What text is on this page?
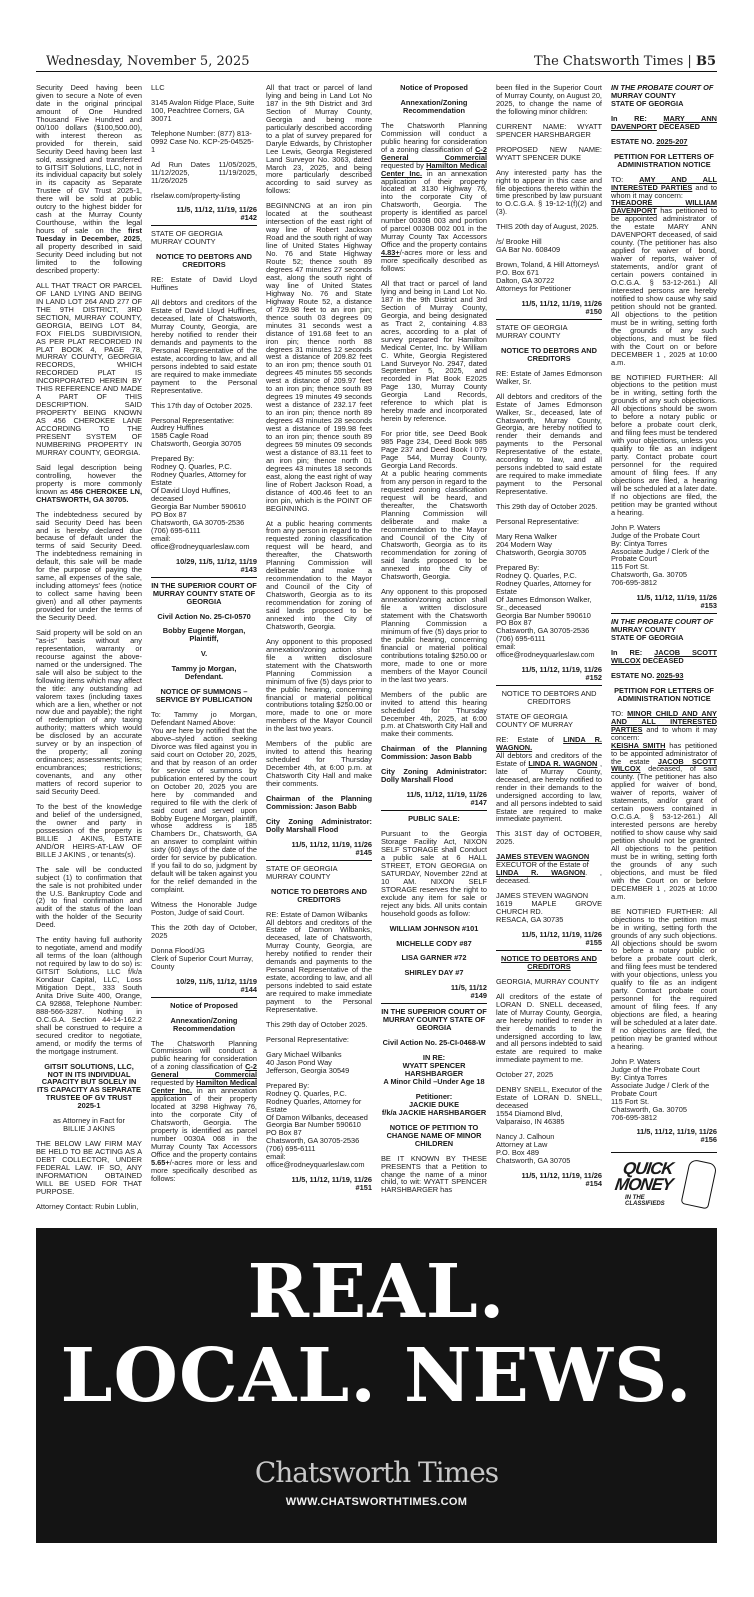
Wednesday, November 5, 2025	The Chatsworth Times | B5
Security Deed having been given to secure a Note of even date in the original principal amount of One Hundred Thousand Five Hundred and 00/100 dollars ($100,500.00), with interest thereon as provided for therein, said Security Deed having been last sold, assigned and transferred to GITSIT Solutions, LLC, not in its individual capacity but solely in its capacity as Separate Trustee of GV Trust 2025-1, there will be sold at public outcry to the highest bidder for cash at the Murray County Courthouse, within the legal hours of sale on the first Tuesday in December, 2025, all property described in said Security Deed including but not limited to the following described property:
ALL THAT TRACT OR PARCEL OF LAND LYING AND BEING IN LAND LOT 264 AND 277 OF THE 9TH DISTRICT, 3RD SECTION, MURRAY COUNTY, GEORGIA, BEING LOT 84, FOX FIELDS SUBDIVISION, AS PER PLAT RECORDED IN PLAT BOOK 4, PAGE 78, MURRAY COUNTY, GEORGIA RECORDS, WHICH RECORDED PLAT IS INCORPORATED HEREIN BY THIS REFERENCE AND MADE A PART OF THIS DESCRIPTION. SAID PROPERTY BEING KNOWN AS 456 CHEROKEE LANE ACCORDING TO THE PRESENT SYSTEM OF NUMBERING PROPERTY IN MURRAY COUNTY, GEORGIA.
Said legal description being controlling, however the property is more commonly known as 456 CHEROKEE LN, CHATSWORTH, GA 30705.
The indebtedness secured by said Security Deed has been and is hereby declared due because of default under the terms of said Security Deed. The indebtedness remaining in default, this sale will be made for the purpose of paying the same, all expenses of the sale, including attorneys' fees (notice to collect same having been given) and all other payments provided for under the terms of the Security Deed.
Said property will be sold on an "as-is" basis without any representation, warranty or recourse against the above-named or the undersigned. The sale will also be subject to the following items which may affect the title: any outstanding ad valorem taxes (including taxes which are a lien, whether or not now due and payable); the right of redemption of any taxing authority; matters which would be disclosed by an accurate survey or by an inspection of the property; all zoning ordinances; assessments; liens; encumbrances; restrictions; covenants, and any other matters of record superior to said Security Deed.
To the best of the knowledge and belief of the undersigned, the owner and party in possession of the property is BILLIE J AKINS, ESTATE AND/OR HEIRS-AT-LAW OF BILLE J AKINS , or tenants(s).
The sale will be conducted subject (1) to confirmation that the sale is not prohibited under the U.S. Bankruptcy Code and (2) to final confirmation and audit of the status of the loan with the holder of the Security Deed.
The entity having full authority to negotiate, amend and modify all terms of the loan (although not required by law to do so) is: GITSIT Solutions, LLC f/k/a Kondaur Capital, LLC, Loss Mitigation Dept., 333 South Anita Drive Suite 400, Orange, CA 92868, Telephone Number: 888-566-3287. Nothing in O.C.G.A. Section 44-14-162.2 shall be construed to require a secured creditor to negotiate, amend, or modify the terms of the mortgage instrument.
GITSIT SOLUTIONS, LLC, NOT IN ITS INDIVIDUAL CAPACITY BUT SOLELY IN ITS CAPACITY AS SEPARATE TRUSTEE OF GV TRUST 2025-1
as Attorney in Fact for
BILLIE J AKINS
THE BELOW LAW FIRM MAY BE HELD TO BE ACTING AS A DEBT COLLECTOR, UNDER FEDERAL LAW. IF SO, ANY INFORMATION OBTAINED WILL BE USED FOR THAT PURPOSE.
Attorney Contact: Rubin Lublin,
LLC
3145 Avalon Ridge Place, Suite 100, Peachtree Corners, GA 30071
Telephone Number: (877) 813-0992 Case No. KCP-25-04525-1
Ad Run Dates 11/05/2025, 11/12/2025, 11/19/2025, 11/26/2025
rlselaw.com/property-listing
11/5, 11/12, 11/19, 11/26
#142
STATE OF GEORGIA
MURRAY COUNTY
NOTICE TO DEBTORS AND CREDITORS
RE: Estate of David Lloyd Huffines
All debtors and creditors of the Estate of David Lloyd Huffines, deceased, late of Chatsworth, Murray County, Georgia, are hereby notified to render their demands and payments to the Personal Representative of the estate, according to law, and all persons indebted to said estate are required to make immediate payment to the Personal Representative.
This 17th day of October 2025.
Personal Representative:
Audrey Huffines
1585 Cagle Road
Chatsworth, Georgia 30705
Prepared By:
Rodney Q. Quarles, P.C.
Rodney Quarles, Attorney for Estate
Of David Lloyd Huffines, deceased
Georgia Bar Number 590610
PO Box 87
Chatsworth, GA 30705-2536
(706) 695-6111
email: office@rodneyquarleslaw.com
10/29, 11/5, 11/12, 11/19
#143
IN THE SUPERIOR COURT OF MURRAY COUNTY STATE OF GEORGIA
Civil Action No. 25-CI-0570
Bobby Eugene Morgan,
Plaintiff,
V.
Tammy jo Morgan,
Defendant.
NOTICE OF SUMMONS – SERVICE BY PUBLICATION
To: Tammy jo Morgan, Defendant Named Above:
You are here by notified that the above–styled action seeking Divorce was filed against you in said court on October 20, 2025, and that by reason of an order for service of summons by publication entered by the court on October 20, 2025 you are here by commanded and required to file with the clerk of said court and served upon Bobby Eugene Morgan, plaintiff, whose address is 185 Chambers Dr., Chatsworth, GA an answer to complaint within sixty (60) days of the date of the order for service by publication. If you fail to do so, judgment by default will be taken against you for the relief demanded in the complaint.
Witness the Honorable Judge Poston, Judge of said Court.
This the 20th day of October, 2025
Donna Flood/JG
Clerk of Superior Court Murray, County
10/29, 11/5, 11/12, 11/19
#144
Notice of Proposed
Annexation/Zoning Recommendation
The Chatsworth Planning Commission will conduct a public hearing for consideration of a zoning classification of C-2 General Commercial requested by Hamilton Medical Center Inc. in an annexation application of their property located at 3298 Highway 76, into the corporate City of Chatsworth, Georgia. The property is identified as parcel number 0030A 068 in the Murray County Tax Accessors Office and the property contains 5.65+/-acres more or less and more specifically described as follows:
All that tract or parcel of land lying and being in Land Lot No 187 in the 9th District and 3rd Section of Murray County, Georgia and being more particularly described according to a plat of survey prepared for Daryle Edwards, by Christopher Lee Lewis, Georgia Registered Land Surveyor No. 3063, dated March 23, 2025, and being more particularly described according to said survey as follows:
BEGINNCNG at an iron pin located at the southeast intersection of the east right of way line of Robert Jackson Road and the south right of way line of United States Highway No. 76 and State Highway Route 52; thence south 89 degrees 47 minutes 27 seconds east, along the south right of way line of United States Highway No. 76 and State Highway Route 52, a distance of 729.98 feet to an iron pin; thence south 03 degrees 09 minutes 31 seconds west a distance of 191.68 feet to an iron pin; thence north 88 degrees 31 minutes 12 seconds west a distance of 209.82 feet to an iron pm; thence south 01 degrees 45 minutes 55 seconds west a distance of 209.97 feet to an iron pin; thence south 89 degrees 19 minutes 49 seconds west a distance of 232.17 feet to an iron pin; thence north 89 degrees 43 minutes 28 seconds west a distance of 199.98 feet to an iron pin; thence south 89 degrees 59 minutes 09 seconds west a distance of 83.11 feet to an iron pin; thence north 01 degrees 43 minutes 18 seconds east, along the east right of way line of Robert Jackson Road, a distance of 400.46 feet to an iron pin, which is the POINT OF BEGINNING.
At a public hearing comments from any person in regard to the requested zoning classification request will be heard, and thereafter, the Chatsworth Planning Commission will deliberate and make a recommendation to the Mayor and Council of the City of Chatsworth, Georgia as to its recommendation for zoning of said lands proposed to be annexed into the City of Chatsworth, Georgia.
Any opponent to this proposed annexation/zoning action shall file a written disclosure statement with the Chatsworth Planning Commission a minimum of five (5) days prior to the public hearing, concerning financial or material political contributions totaling $250.00 or more, made to one or more members of the Mayor Council in the last two years.
Members of the public are invited to attend this hearing scheduled for Thursday December 4th, at 6:00 p.m. at Chatsworth City Hall and make their comments.
Chairman of the Planning Commission: Jason Babb
City Zoning Administrator: Dolly Marshall Flood
11/5, 11/12, 11/19, 11/26
#145
STATE OF GEORGIA
MURRAY COUNTY
NOTICE TO DEBTORS AND CREDITORS
RE: Estate of Damon Wilbanks
All debtors and creditors of the Estate of Damon Wilbanks, deceased, late of Chatsworth, Murray County, Georgia, are hereby notified to render their demands and payments to the Personal Representative of the estate, according to law, and all persons indebted to said estate are required to make immediate payment to the Personal Representative.
This 29th day of October 2025.
Personal Representative:
Gary Michael Wilbanks
40 Jason Pond Way
Jefferson, Georgia 30549
Prepared By:
Rodney Q. Quarles, P.C.
Rodney Quarles, Attorney for Estate
Of Damon Wilbanks, deceased
Georgia Bar Number 590610
PO Box 87
Chatsworth, GA 30705-2536
(706) 695-6111
email: office@rodneyquarleslaw.com
11/5, 11/12, 11/19, 11/26
#151
Notice of Proposed
Annexation/Zoning Recommendation
The Chatsworth Planning Commission will conduct a public hearing for consideration of a zoning classification of C-2 General Commercial requested by Hamilton Medical Center Inc. in an annexation application of their property located at 3130 Highway 76, into the corporate City of Chatsworth, Georgia. The property is identified as parcel number 0030B 003 and portion of parcel 0030B 002 001 in the Murray County Tax Accessors Office and the property contains 4.83+/-acres more or less and more specifically described as follows:
All that tract or parcel of land lying and being in Land Lot No. 187 in the 9th District and 3rd Section of Murray County, Georgia, and being designated as Tract 2, containing 4.83 acres, according to a plat of survey prepared for Hamilton Medical Center, Inc. by William C. White, Georgia Registered Land Surveyor No. 2947, dated September 5, 2025, and recorded in Plat Book E2025 Page 130, Murray County Georgia Land Records, reference to which plat is hereby made and incorporated herein by reference.
For prior title, see Deed Book 985 Page 234, Deed Book 985 Page 237 and Deed Book I 079 Page 544, Murray County, Georgia Land Records.
At a public hearing comments from any person in regard to the requested zoning classification request will be heard, and thereafter, the Chatsworth Planning Commission will deliberate and make a recommendation to the Mayor and Council of the City of Chatsworth, Georgia as to its recommendation for zoning of said lands proposed to be annexed into the City of Chatsworth, Georgia.
Any opponent to this proposed annexation/zoning action shall file a written disclosure statement with the Chatsworth Planning Commission a minimum of five (5) days prior to the public hearing, concerning financial or material political contributions totaling $250.00 or more, made to one or more members of the Mayor Council in the last two years.
Members of the public are invited to attend this hearing scheduled for Thursday December 4th, 2025, at 6:00 p.m. at Chatsworth City Hall and make their comments.
Chairman of the Planning Commission: Jason Babb
City Zoning Administrator: Dolly Marshall Flood
11/5, 11/12, 11/19, 11/26
#147
PUBLIC SALE:
Pursuant to the Georgia Storage Facility Act, NIXON SELF STORAGE shall Conduct a public sale at 6 HALL STREET, ETON GEORGIA on SATURDAY, November 22nd at 10 AM. NIXON SELF STORAGE reserves the right to exclude any item for sale or reject any bids. All units contain household goods as follow:
WILLIAM JOHNSON #101
MICHELLE CODY #87
LISA GARNER #72
SHIRLEY DAY #7
11/5, 11/12
#149
IN THE SUPERIOR COURT OF MURRAY COUNTY STATE OF GEORGIA
Civil Action No. 25-CI-0468-W
IN RE:
WYATT SPENCER HARSHBARGER
A Minor Child –Under Age 18
Petitioner:
JACKIE DUKE
f/k/a JACKIE HARSHBARGER
NOTICE OF PETITION TO CHANGE NAME OF MINOR CHILDREN
BE IT KNOWN BY THESE PRESENTS that a Petition to change the name of a minor child, to wit: WYATT SPENCER HARSHBARGER has
been filed in the Superior Court of Murray County, on August 20, 2025, to change the name of the following minor children:
CURRENT NAME: WYATT SPENCER HARSHBARGER
PROPOSED NEW NAME: WYATT SPENCER DUKE
Any interested party has the right to appear in this case and file objections thereto within the time prescribed by law pursuant to O.C.G.A. § 19-12-1(f)(2) and (3).
THIS 20th day of August, 2025.
/s/ Brooke Hill
GA Bar No. 608409
Brown, Toland, & Hill Attorneys\
P.O. Box 671
Dalton, GA 30722
Attorneys for Petitioner
11/5, 11/12, 11/19, 11/26
#150
STATE OF GEORGIA
MURRAY COUNTY
NOTICE TO DEBTORS AND CREDITORS
RE: Estate of James Edmonson Walker, Sr.
All debtors and creditors of the Estate of James Edmonson Walker, Sr., deceased, late of Chatsworth, Murray County, Georgia, are hereby notified to render their demands and payments to the Personal Representative of the estate, according to law, and all persons indebted to said estate are required to make immediate payment to the Personal Representative.
This 29th day of October 2025.
Personal Representative:
Mary Rena Walker
204 Modern Way
Chatsworth, Georgia 30705
Prepared By:
Rodney Q. Quarles, P.C.
Rodney Quarles, Attorney for Estate
Of James Edmonson Walker, Sr., deceased
Georgia Bar Number 590610
PO Box 87
Chatsworth, GA 30705-2536
(706) 695-6111
email: office@rodneyquarleslaw.com
11/5, 11/12, 11/19, 11/26
#152
NOTICE TO DEBTORS AND CREDITORS
STATE OF GEORGIA
COUNTY OF MURRAY
RE: Estate of LINDA R. WAGNON.
All debtors and creditors of the Estate of LINDA R. WAGNON , late of Murray County, deceased, are hereby notified to render in their demands to the undersigned according to law, and all persons indebted to said Estate are required to make immediate payment.
This 31ST day of OCTOBER, 2025.
JAMES STEVEN WAGNON
EXECUTOR of the Estate of
LINDA R. WAGNON. , deceased.
JAMES STEVEN WAGNON
1619 MAPLE GROVE CHURCH RD.
RESACA, GA 30735
11/5, 11/12, 11/19, 11/26
#155
NOTICE TO DEBTORS AND CREDITORS
GEORGIA, MURRAY COUNTY
All creditors of the estate of LORAN D. SNELL deceased, late of Murray County, Georgia, are hereby notified to render in their demands to the undersigned according to law, and all persons indebted to said estate are required to make immediate payment to me.
October 27, 2025
DENBY SNELL, Executor of the Estate of LORAN D. SNELL, deceased
1554 Diamond Blvd,
Valparaiso, IN 46385
Nancy J. Calhoun
Attorney at Law
P.O. Box 489
Chatsworth, GA 30705
11/5, 11/12, 11/19, 11/26
#154
IN THE PROBATE COURT OF
MURRAY COUNTY
STATE OF GEORGIA
In RE: MARY ANN DAVENPORT DECEASED
ESTATE NO. 2025-207
PETITION FOR LETTERS OF ADMINISTRATION NOTICE
TO: AMY AND ALL INTERESTED PARTIES and to whom it may concern:
THEADORE WILLIAM DAVENPORT has petitioned to be appointed administrator of the estate MARY ANN DAVENPORT deceased, of said county. (The petitioner has also applied for waiver of bond, waiver of reports, waiver of statements, and/or grant of certain powers contained in O.C.G.A. § 53-12-261.) All interested persons are hereby notified to show cause why said petition should not be granted. All objections to the petition must be in writing, setting forth the grounds of any such objections, and must be filed with the Court on or before DECEMBER 1 , 2025 at 10:00 a.m.
BE NOTIFIED FURTHER: All objections to the petition must be in writing, setting forth the grounds of any such objections. All objections should be sworn to before a notary public or before a probate court clerk, and filing fees must be tendered with your objections, unless you qualify to file as an indigent party. Contact probate court personnel for the required amount of filing fees. If any objections are filed, a hearing will be scheduled at a later date. If no objections are filed, the petition may be granted without a hearing.
John P. Waters
Judge of the Probate Court
By: Cintya Torres
Associate Judge / Clerk of the Probate Court
115 Fort St.
Chatsworth, Ga. 30705
706-695-3812
11/5, 11/12, 11/19, 11/26
#153
IN THE PROBATE COURT OF
MURRAY COUNTY
STATE OF GEORGIA
In RE: JACOB SCOTT WILCOX DECEASED
ESTATE NO. 2025-93
PETITION FOR LETTERS OF ADMINISTRATION NOTICE
TO: MINOR CHILD AND ANY AND ALL INTERESTED PARTIES and to whom it may concern:
KEISHA SMITH has petitioned to be appointed administrator of the estate JACOB SCOTT WILCOX deceased, of said county. (The petitioner has also applied for waiver of bond, waiver of reports, waiver of statements, and/or grant of certain powers contained in O.C.G.A. § 53-12-261.) All interested persons are hereby notified to show cause why said petition should not be granted. All objections to the petition must be in writing, setting forth the grounds of any such objections, and must be filed with the Court on or before DECEMBER 1 , 2025 at 10:00 a.m.
BE NOTIFIED FURTHER: All objections to the petition must be in writing, setting forth the grounds of any such objections. All objections should be sworn to before a notary public or before a probate court clerk, and filing fees must be tendered with your objections, unless you qualify to file as an indigent party. Contact probate court personnel for the required amount of filing fees. If any objections are filed, a hearing will be scheduled at a later date. If no objections are filed, the petition may be granted without a hearing.
John P. Waters
Judge of the Probate Court
By: Cintya Torres
Associate Judge / Clerk of the Probate Court
115 Fort St.
Chatsworth, Ga. 30705
706-695-3812
11/5, 11/12, 11/19, 11/26
#156
QUICK
MONEY
IN THE
CLASSIFIEDS
REAL.
LOCAL. NEWS.
Chatsworth Times
WWW.CHATSWORTHTIMES.COM
